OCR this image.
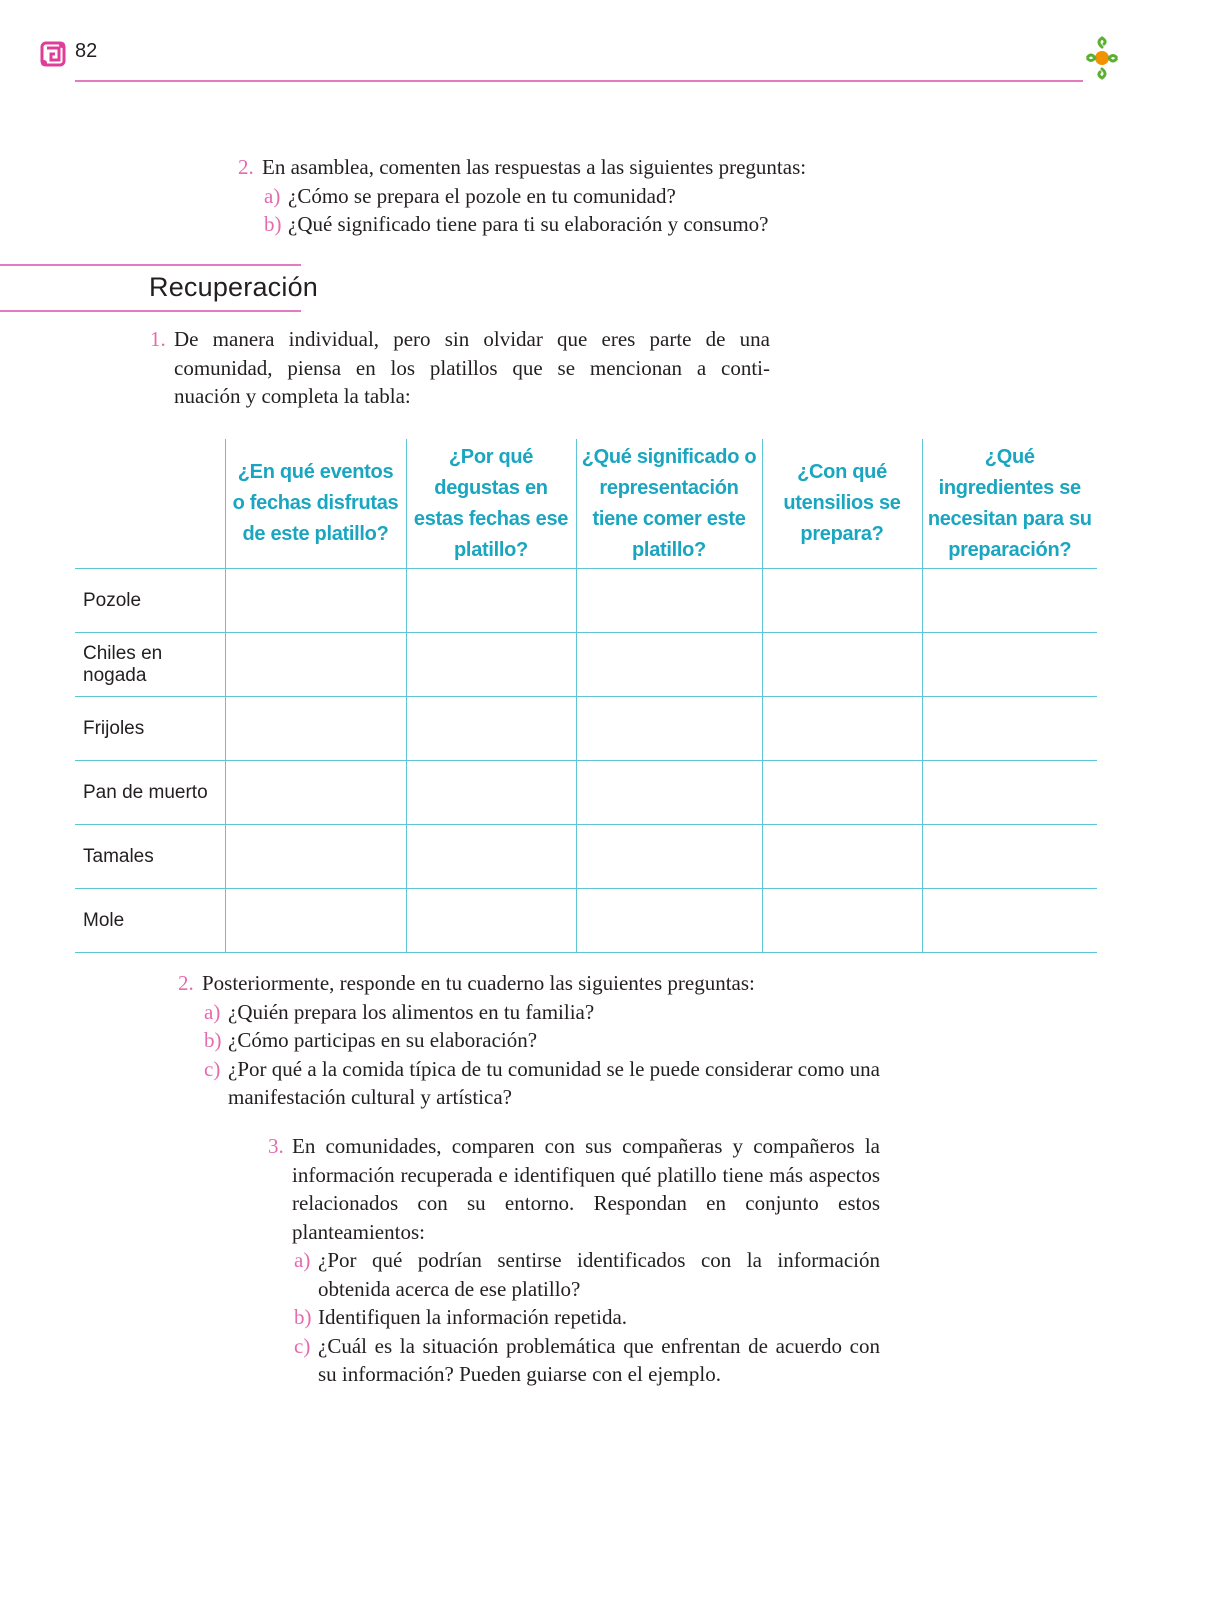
82
2. En asamblea, comenten las respuestas a las siguientes preguntas:
a) ¿Cómo se prepara el pozole en tu comunidad?
b) ¿Qué significado tiene para ti su elaboración y consumo?
Recuperación
1. De manera individual, pero sin olvidar que eres parte de una
comunidad, piensa en los platillos que se mencionan a conti-
nuación y completa la tabla:
	¿En qué eventos o fechas disfrutas de este platillo?	¿Por qué degustas en estas fechas ese platillo?	¿Qué significado o representación tiene comer este platillo?	¿Con qué utensilios se prepara?	¿Qué ingredientes se necesitan para su preparación?
Pozole					
Chiles en nogada					
Frijoles					
Pan de muerto					
Tamales					
Mole					
2. Posteriormente, responde en tu cuaderno las siguientes preguntas:
a) ¿Quién prepara los alimentos en tu familia?
b) ¿Cómo participas en su elaboración?
c) ¿Por qué a la comida típica de tu comunidad se le puede considerar como una manifestación cultural y artística?
3. En comunidades, comparen con sus compañeras y compañeros la información recuperada e identifiquen qué platillo tiene más aspectos relacionados con su entorno. Respondan en conjunto estos planteamientos:
a) ¿Por qué podrían sentirse identificados con la información obtenida acerca de ese platillo?
b) Identifiquen la información repetida.
c) ¿Cuál es la situación problemática que enfrentan de acuerdo con su información? Pueden guiarse con el ejemplo.
